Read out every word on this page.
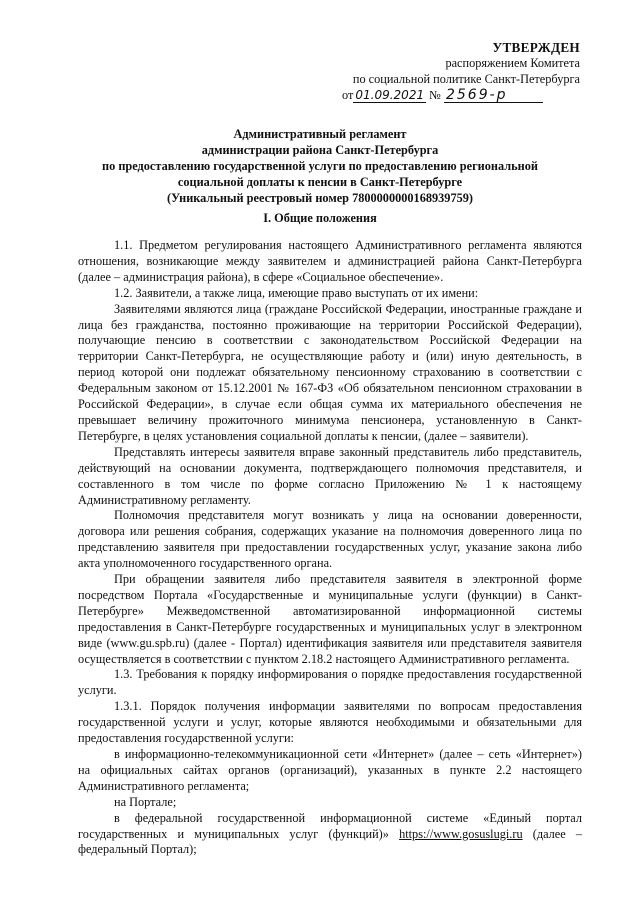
УТВЕРЖДЕН
распоряжением Комитета
по социальной политике Санкт-Петербурга
от 01.09.2021 № 2569-р
Административный регламент
администрации района Санкт-Петербурга
по предоставлению государственной услуги по предоставлению региональной
социальной доплаты к пенсии в Санкт-Петербурге
(Уникальный реестровый номер 7800000000168939759)
I. Общие положения

1.1. Предметом регулирования настоящего Административного регламента являются отношения, возникающие между заявителем и администрацией района Санкт-Петербурга (далее – администрация района), в сфере «Социальное обеспечение».

1.2. Заявители, а также лица, имеющие право выступать от их имени:

Заявителями являются лица (граждане Российской Федерации, иностранные граждане и лица без гражданства, постоянно проживающие на территории Российской Федерации), получающие пенсию в соответствии с законодательством Российской Федерации на территории Санкт-Петербурга, не осуществляющие работу и (или) иную деятельность, в период которой они подлежат обязательному пенсионному страхованию в соответствии с Федеральным законом от 15.12.2001 № 167-ФЗ «Об обязательном пенсионном страховании в Российской Федерации», в случае если общая сумма их материального обеспечения не превышает величину прожиточного минимума пенсионера, установленную в Санкт-Петербурге, в целях установления социальной доплаты к пенсии, (далее – заявители).

Представлять интересы заявителя вправе законный представитель либо представитель, действующий на основании документа, подтверждающего полномочия представителя, и составленного в том числе по форме согласно Приложению № 1 к настоящему Административному регламенту.

Полномочия представителя могут возникать у лица на основании доверенности, договора или решения собрания, содержащих указание на полномочия доверенного лица по представлению заявителя при предоставлении государственных услуг, указание закона либо акта уполномоченного государственного органа.

При обращении заявителя либо представителя заявителя в электронной форме посредством Портала «Государственные и муниципальные услуги (функции) в Санкт-Петербурге» Межведомственной автоматизированной информационной системы предоставления в Санкт-Петербурге государственных и муниципальных услуг в электронном виде (www.gu.spb.ru) (далее - Портал) идентификация заявителя или представителя заявителя осуществляется в соответствии с пунктом 2.18.2 настоящего Административного регламента.

1.3. Требования к порядку информирования о порядке предоставления государственной услуги.

1.3.1. Порядок получения информации заявителями по вопросам предоставления государственной услуги и услуг, которые являются необходимыми и обязательными для предоставления государственной услуги:

в информационно-телекоммуникационной сети «Интернет» (далее – сеть «Интернет») на официальных сайтах органов (организаций), указанных в пункте 2.2 настоящего Административного регламента;

на Портале;

в федеральной государственной информационной системе «Единый портал государственных и муниципальных услуг (функций)» https://www.gosuslugi.ru (далее – федеральный Портал);
